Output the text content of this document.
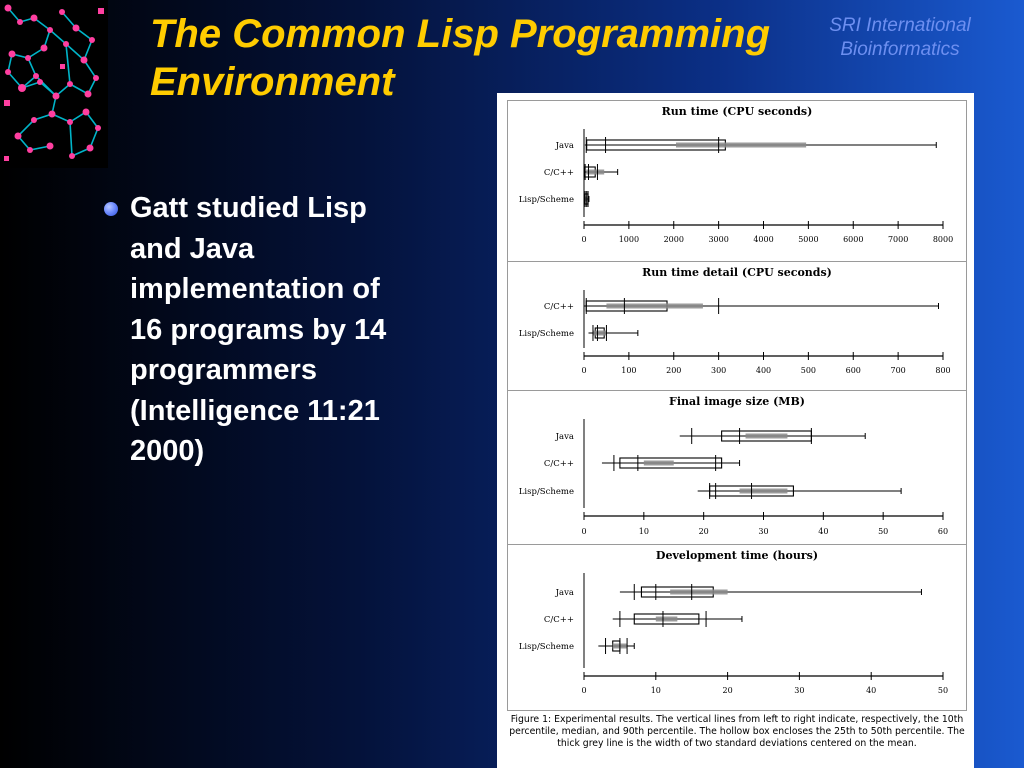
The Common Lisp Programming Environment
SRI International
Bioinformatics
Gatt studied Lisp and Java implementation of 16 programs by 14 programmers (Intelligence 11:21 2000)
Run time (CPU seconds)
0	1000	2000	3000	4000	5000	6000	7000	8000
Java
C/C++
Lisp/Scheme
Run time detail (CPU seconds)
0	100	200	300	400	500	600	700	800
C/C++
Lisp/Scheme
Final image size (MB)
0	10	20	30	40	50	60
Java
C/C++
Lisp/Scheme
Development time (hours)
0	10	20	30	40	50
Java
C/C++
Lisp/Scheme
Figure 1: Experimental results. The vertical lines from left to right indicate, respectively, the 10th percentile, median, and 90th percentile. The hollow box encloses the 25th to 50th percentile. The thick grey line is the width of two standard deviations centered on the mean.
